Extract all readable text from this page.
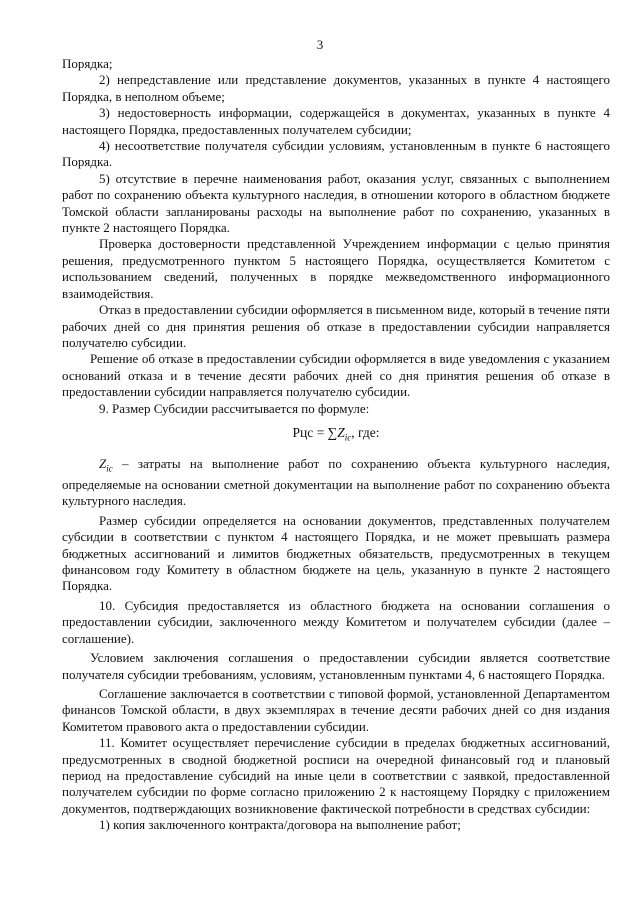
3

Порядка;

2) непредставление или представление документов, указанных в пункте 4 настоящего Порядка, в неполном объеме;

3) недостоверность информации, содержащейся в документах, указанных в пункте 4 настоящего Порядка, предоставленных получателем субсидии;

4) несоответствие получателя субсидии условиям, установленным в пункте 6 настоящего Порядка.

5) отсутствие в перечне наименования работ, оказания услуг, связанных с выполнением работ по сохранению объекта культурного наследия, в отношении которого в областном бюджете Томской области запланированы расходы на выполнение работ по сохранению, указанных в пункте 2 настоящего Порядка.

Проверка достоверности представленной Учреждением информации с целью принятия решения, предусмотренного пунктом 5 настоящего Порядка, осуществляется Комитетом с использованием сведений, полученных в порядке межведомственного информационного взаимодействия.

Отказ в предоставлении субсидии оформляется в письменном виде, который в течение пяти рабочих дней со дня принятия решения об отказе в предоставлении субсидии направляется получателю субсидии.

Решение об отказе в предоставлении субсидии оформляется в виде уведомления с указанием оснований отказа и в течение десяти рабочих дней со дня принятия решения об отказе в предоставлении субсидии направляется получателю субсидии.

9. Размер Субсидии рассчитывается по формуле:

Рцс = $\sum Z_{ic}$, где:

$Z_{ic}$ – затраты на выполнение работ по сохранению объекта культурного наследия, определяемые на основании сметной документации на выполнение работ по сохранению объекта культурного наследия.

Размер субсидии определяется на основании документов, представленных получателем субсидии в соответствии с пунктом 4 настоящего Порядка, и не может превышать размера бюджетных ассигнований и лимитов бюджетных обязательств, предусмотренных в текущем финансовом году Комитету в областном бюджете на цель, указанную в пункте 2 настоящего Порядка.

10. Субсидия предоставляется из областного бюджета на основании соглашения о предоставлении субсидии, заключенного между Комитетом и получателем субсидии (далее – соглашение).

Условием заключения соглашения о предоставлении субсидии является соответствие получателя субсидии требованиям, условиям, установленным пунктами 4, 6 настоящего Порядка.

Соглашение заключается в соответствии с типовой формой, установленной Департаментом финансов Томской области, в двух экземплярах в течение десяти рабочих дней со дня издания Комитетом правового акта о предоставлении субсидии.

11. Комитет осуществляет перечисление субсидии в пределах бюджетных ассигнований, предусмотренных в сводной бюджетной росписи на очередной финансовый год и плановый период на предоставление субсидий на иные цели в соответствии с заявкой, предоставленной получателем субсидии по форме согласно приложению 2 к настоящему Порядку с приложением документов, подтверждающих возникновение фактической потребности в средствах субсидии:

1) копия заключенного контракта/договора на выполнение работ;
